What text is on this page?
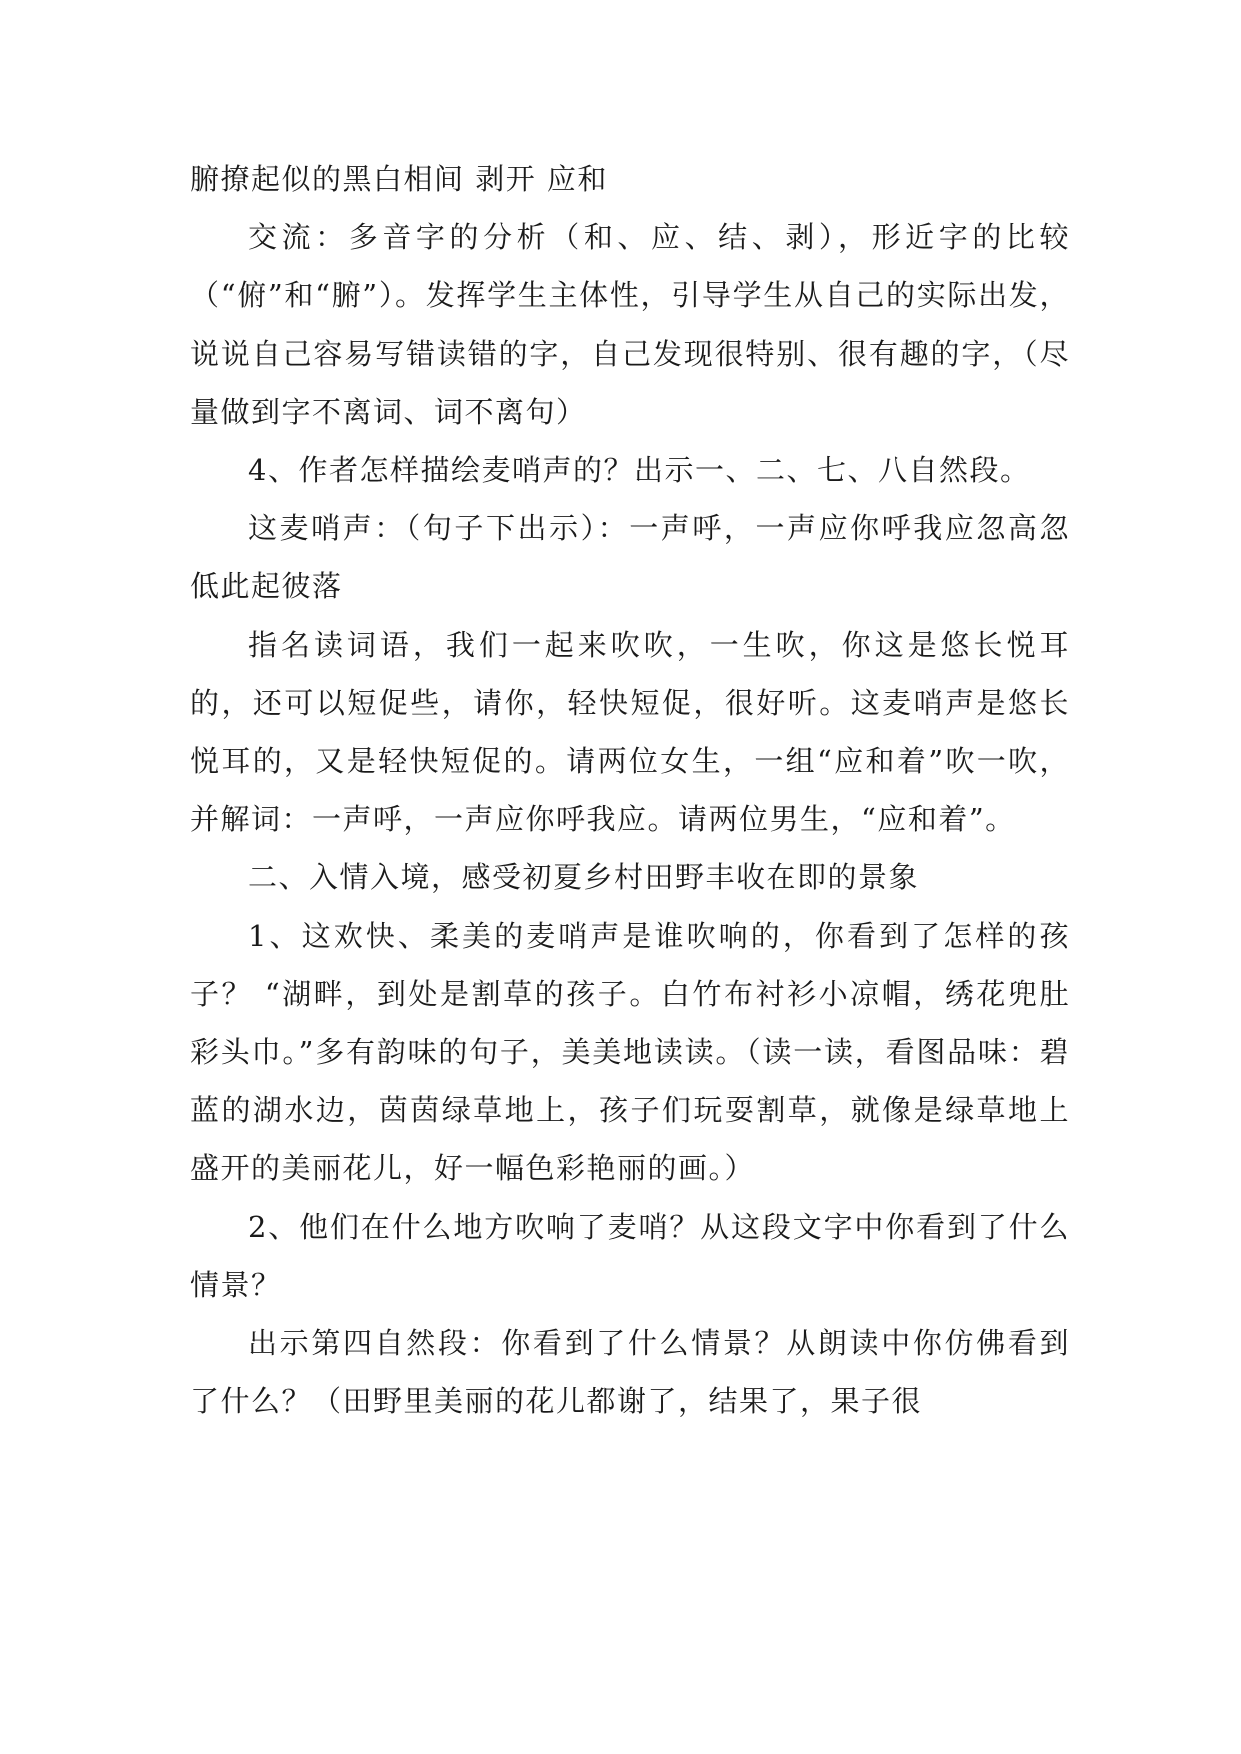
腑撩起似的黑白相间 剥开 应和

交流：多音字的分析（和、应、结、剥），形近字的比较（“俯”和“腑”）。发挥学生主体性，引导学生从自己的实际出发，说说自己容易写错读错的字，自己发现很特别、很有趣的字，（尽量做到字不离词、词不离句）

4、作者怎样描绘麦哨声的？出示一、二、七、八自然段。

这麦哨声：（句子下出示）：一声呼，一声应你呼我应忽高忽低此起彼落

指名读词语，我们一起来吹吹，一生吹，你这是悠长悦耳的，还可以短促些，请你，轻快短促，很好听。这麦哨声是悠长悦耳的，又是轻快短促的。请两位女生，一组“应和着”吹一吹，并解词：一声呼，一声应你呼我应。请两位男生，“应和着”。

二、入情入境，感受初夏乡村田野丰收在即的景象

1、这欢快、柔美的麦哨声是谁吹响的，你看到了怎样的孩子？ “湖畔，到处是割草的孩子。白竹布衬衫小凉帽，绣花兜肚彩头巾。”多有韵味的句子，美美地读读。（读一读，看图品味：碧蓝的湖水边，茵茵绿草地上，孩子们玩耍割草，就像是绿草地上盛开的美丽花儿，好一幅色彩艳丽的画。）

2、他们在什么地方吹响了麦哨？从这段文字中你看到了什么情景？

出示第四自然段：你看到了什么情景？从朗读中你仿佛看到了什么？（田野里美丽的花儿都谢了，结果了，果子很
